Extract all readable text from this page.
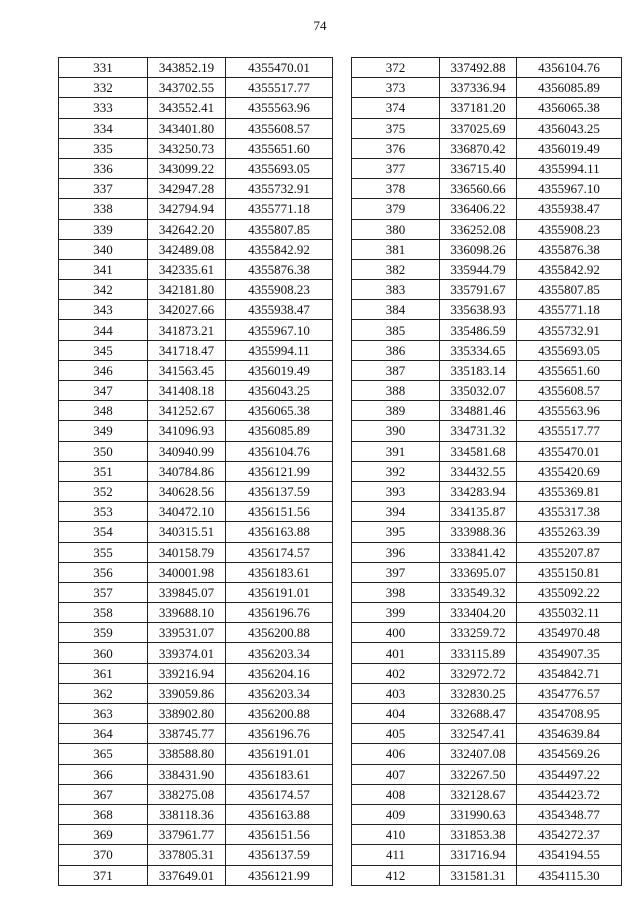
74
331	343852.19	4355470.01
332	343702.55	4355517.77
333	343552.41	4355563.96
334	343401.80	4355608.57
335	343250.73	4355651.60
336	343099.22	4355693.05
337	342947.28	4355732.91
338	342794.94	4355771.18
339	342642.20	4355807.85
340	342489.08	4355842.92
341	342335.61	4355876.38
342	342181.80	4355908.23
343	342027.66	4355938.47
344	341873.21	4355967.10
345	341718.47	4355994.11
346	341563.45	4356019.49
347	341408.18	4356043.25
348	341252.67	4356065.38
349	341096.93	4356085.89
350	340940.99	4356104.76
351	340784.86	4356121.99
352	340628.56	4356137.59
353	340472.10	4356151.56
354	340315.51	4356163.88
355	340158.79	4356174.57
356	340001.98	4356183.61
357	339845.07	4356191.01
358	339688.10	4356196.76
359	339531.07	4356200.88
360	339374.01	4356203.34
361	339216.94	4356204.16
362	339059.86	4356203.34
363	338902.80	4356200.88
364	338745.77	4356196.76
365	338588.80	4356191.01
366	338431.90	4356183.61
367	338275.08	4356174.57
368	338118.36	4356163.88
369	337961.77	4356151.56
370	337805.31	4356137.59
371	337649.01	4356121.99
372	337492.88	4356104.76
373	337336.94	4356085.89
374	337181.20	4356065.38
375	337025.69	4356043.25
376	336870.42	4356019.49
377	336715.40	4355994.11
378	336560.66	4355967.10
379	336406.22	4355938.47
380	336252.08	4355908.23
381	336098.26	4355876.38
382	335944.79	4355842.92
383	335791.67	4355807.85
384	335638.93	4355771.18
385	335486.59	4355732.91
386	335334.65	4355693.05
387	335183.14	4355651.60
388	335032.07	4355608.57
389	334881.46	4355563.96
390	334731.32	4355517.77
391	334581.68	4355470.01
392	334432.55	4355420.69
393	334283.94	4355369.81
394	334135.87	4355317.38
395	333988.36	4355263.39
396	333841.42	4355207.87
397	333695.07	4355150.81
398	333549.32	4355092.22
399	333404.20	4355032.11
400	333259.72	4354970.48
401	333115.89	4354907.35
402	332972.72	4354842.71
403	332830.25	4354776.57
404	332688.47	4354708.95
405	332547.41	4354639.84
406	332407.08	4354569.26
407	332267.50	4354497.22
408	332128.67	4354423.72
409	331990.63	4354348.77
410	331853.38	4354272.37
411	331716.94	4354194.55
412	331581.31	4354115.30
